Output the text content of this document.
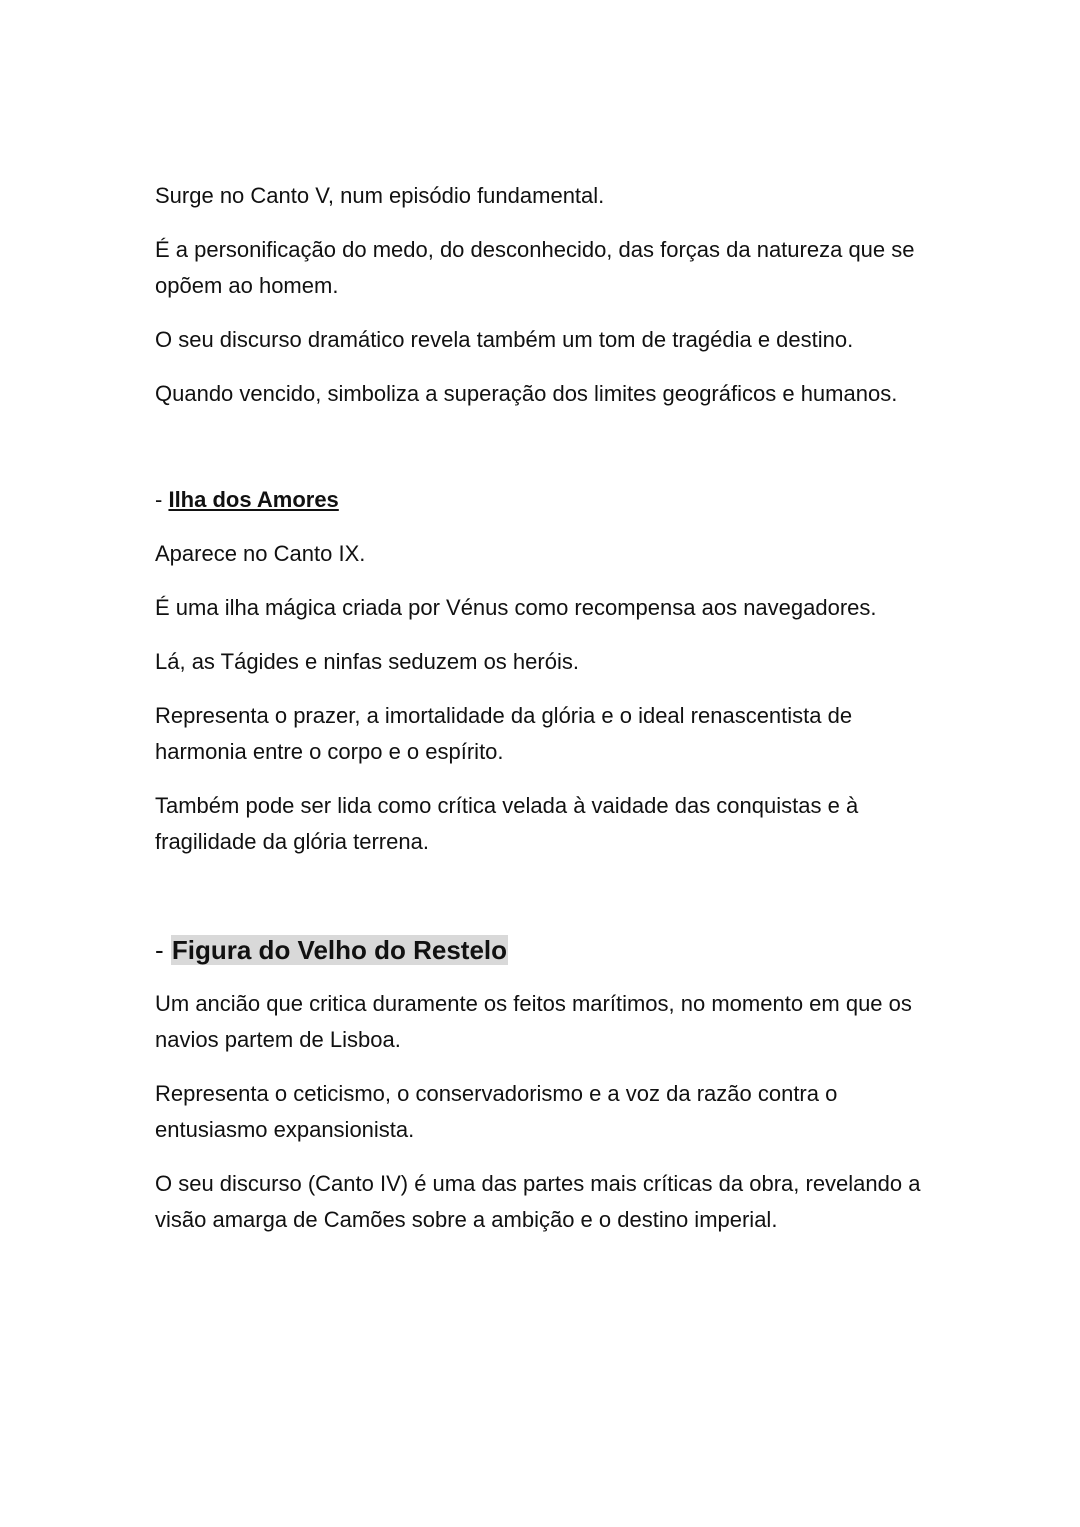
Surge no Canto V, num episódio fundamental.

É a personificação do medo, do desconhecido, das forças da natureza que se opõem ao homem.

O seu discurso dramático revela também um tom de tragédia e destino.

Quando vencido, simboliza a superação dos limites geográficos e humanos.

- Ilha dos Amores

Aparece no Canto IX.

É uma ilha mágica criada por Vénus como recompensa aos navegadores.

Lá, as Tágides e ninfas seduzem os heróis.

Representa o prazer, a imortalidade da glória e o ideal renascentista de harmonia entre o corpo e o espírito.

Também pode ser lida como crítica velada à vaidade das conquistas e à fragilidade da glória terrena.

- Figura do Velho do Restelo

Um ancião que critica duramente os feitos marítimos, no momento em que os navios partem de Lisboa.

Representa o ceticismo, o conservadorismo e a voz da razão contra o entusiasmo expansionista.

O seu discurso (Canto IV) é uma das partes mais críticas da obra, revelando a visão amarga de Camões sobre a ambição e o destino imperial.
